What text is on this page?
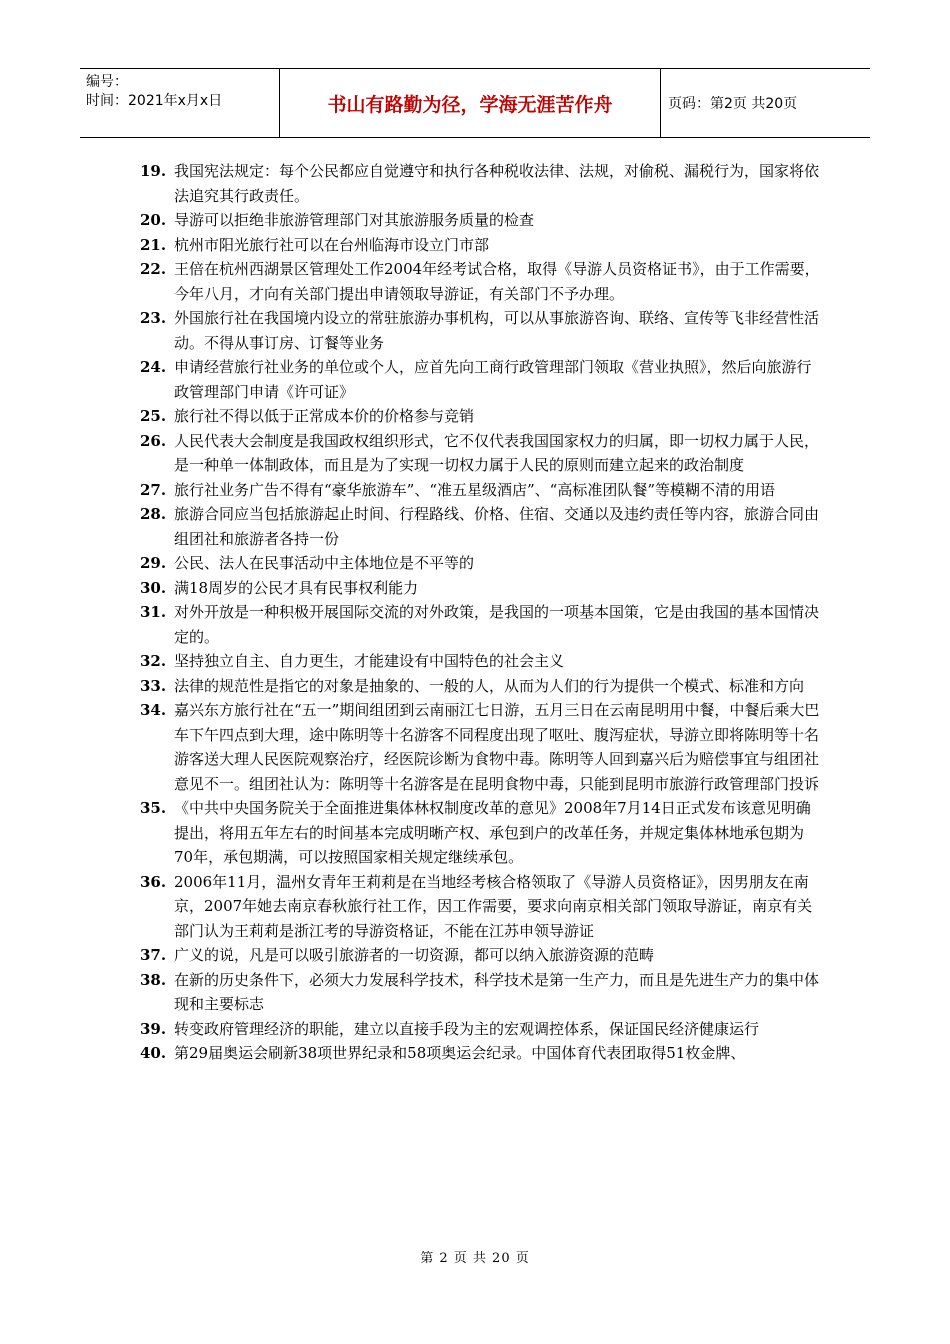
编号：
时间：2021年x月x日	书山有路勤为径，学海无涯苦作舟	页码：第2页 共20页
19. 我国宪法规定：每个公民都应自觉遵守和执行各种税收法律、法规，对偷税、漏税行为，国家将依法追究其行政责任。
20. 导游可以拒绝非旅游管理部门对其旅游服务质量的检查
21. 杭州市阳光旅行社可以在台州临海市设立门市部
22. 王倍在杭州西湖景区管理处工作2004年经考试合格，取得《导游人员资格证书》，由于工作需要，今年八月，才向有关部门提出申请领取导游证，有关部门不予办理。
23. 外国旅行社在我国境内设立的常驻旅游办事机构，可以从事旅游咨询、联络、宣传等飞非经营性活动。不得从事订房、订餐等业务
24. 申请经营旅行社业务的单位或个人，应首先向工商行政管理部门领取《营业执照》，然后向旅游行政管理部门申请《许可证》
25. 旅行社不得以低于正常成本价的价格参与竞销
26. 人民代表大会制度是我国政权组织形式，它不仅代表我国国家权力的归属，即一切权力属于人民，是一种单一体制政体，而且是为了实现一切权力属于人民的原则而建立起来的政治制度
27. 旅行社业务广告不得有“豪华旅游车”、“准五星级酒店”、“高标准团队餐”等模糊不清的用语
28. 旅游合同应当包括旅游起止时间、行程路线、价格、住宿、交通以及违约责任等内容，旅游合同由组团社和旅游者各持一份
29. 公民、法人在民事活动中主体地位是不平等的
30. 满18周岁的公民才具有民事权利能力
31. 对外开放是一种积极开展国际交流的对外政策，是我国的一项基本国策，它是由我国的基本国情决定的。
32. 坚持独立自主、自力更生，才能建设有中国特色的社会主义
33. 法律的规范性是指它的对象是抽象的、一般的人，从而为人们的行为提供一个模式、标准和方向
34. 嘉兴东方旅行社在“五一”期间组团到云南丽江七日游，五月三日在云南昆明用中餐，中餐后乘大巴车下午四点到大理，途中陈明等十名游客不同程度出现了呕吐、腹泻症状，导游立即将陈明等十名游客送大理人民医院观察治疗，经医院诊断为食物中毒。陈明等人回到嘉兴后为赔偿事宜与组团社意见不一。组团社认为：陈明等十名游客是在昆明食物中毒，只能到昆明市旅游行政管理部门投诉
35. 《中共中央国务院关于全面推进集体林权制度改革的意见》2008年7月14日正式发布该意见明确提出，将用五年左右的时间基本完成明晰产权、承包到户的改革任务，并规定集体林地承包期为70年，承包期满，可以按照国家相关规定继续承包。
36. 2006年11月，温州女青年王莉莉是在当地经考核合格领取了《导游人员资格证》，因男朋友在南京，2007年她去南京春秋旅行社工作，因工作需要，要求向南京相关部门领取导游证，南京有关部门认为王莉莉是浙江考的导游资格证，不能在江苏申领导游证
37. 广义的说，凡是可以吸引旅游者的一切资源，都可以纳入旅游资源的范畴
38. 在新的历史条件下，必须大力发展科学技术，科学技术是第一生产力，而且是先进生产力的集中体现和主要标志
39. 转变政府管理经济的职能，建立以直接手段为主的宏观调控体系，保证国民经济健康运行
40. 第29届奥运会刷新38项世界纪录和58项奥运会纪录。中国体育代表团取得51枚金牌、
第 2 页 共 20 页
